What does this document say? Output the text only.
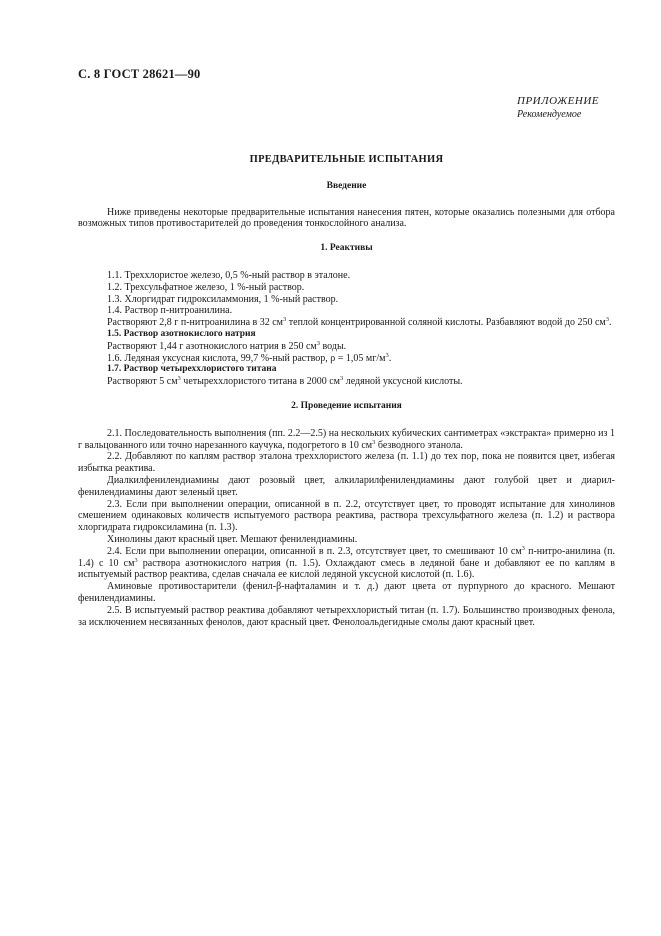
С. 8 ГОСТ 28621—90
ПРИЛОЖЕНИЕ
Рекомендуемое
ПРЕДВАРИТЕЛЬНЫЕ ИСПЫТАНИЯ
Введение

Ниже приведены некоторые предварительные испытания нанесения пятен, которые оказались полезными для отбора возможных типов противостарителей до проведения тонкослойного анализа.

1. Реактивы

1.1. Треххлористое железо, 0,5 %-ный раствор в эталоне.

1.2. Трехсульфатное железо, 1 %-ный раствор.

1.3. Хлоргидрат гидроксиламмония, 1 %-ный раствор.

1.4. Раствор п-нитроанилина.

Растворяют 2,8 г п-нитроанилина в 32 $см^3$ теплой концентрированной соляной кислоты. Разбавляют водой до 250 $см^3$.

1.5. Раствор азотнокислого натрия

Растворяют 1,44 г азотнокислого натрия в 250 $см^3$ воды.

1.6. Ледяная уксусная кислота, 99,7 %-ный раствор, ρ = 1,05 $мг/м^3$.

1.7. Раствор четыреххлористого титана

Растворяют 5 $см^3$ четыреххлористого титана в 2000 $см^3$ ледяной уксусной кислоты.

2. Проведение испытания

2.1. Последовательность выполнения (пп. 2.2—2.5) на нескольких кубических сантиметрах «экстракта» примерно из 1 г вальцованного или точно нарезанного каучука, подогретого в 10 $см^3$ безводного этанола.

2.2. Добавляют по каплям раствор эталона треххлористого железа (п. 1.1) до тех пор, пока не появится цвет, избегая избытка реактива.

Диалкилфенилендиамины дают розовый цвет, алкиларилфенилендиамины дают голубой цвет и диарил-фенилендиамины дают зеленый цвет.

2.3. Если при выполнении операции, описанной в п. 2.2, отсутствует цвет, то проводят испытание для хинолинов смешением одинаковых количеств испытуемого раствора реактива, раствора трехсульфатного железа (п. 1.2) и раствора хлоргидрата гидроксиламина (п. 1.3).

Хинолины дают красный цвет. Мешают фенилендиамины.

2.4. Если при выполнении операции, описанной в п. 2.3, отсутствует цвет, то смешивают 10 $см^3$ п-нитро-анилина (п. 1.4) с 10 $см^3$ раствора азотнокислого натрия (п. 1.5). Охлаждают смесь в ледяной бане и добавляют ее по каплям в испытуемый раствор реактива, сделав сначала ее кислой ледяной уксусной кислотой (п. 1.6).

Аминовые противостарители (фенил-β-нафталамин и т. д.) дают цвета от пурпурного до красного. Мешают фенилендиамины.

2.5. В испытуемый раствор реактива добавляют четыреххлористый титан (п. 1.7). Большинство производных фенола, за исключением несвязанных фенолов, дают красный цвет. Фенолоальдегидные смолы дают красный цвет.
